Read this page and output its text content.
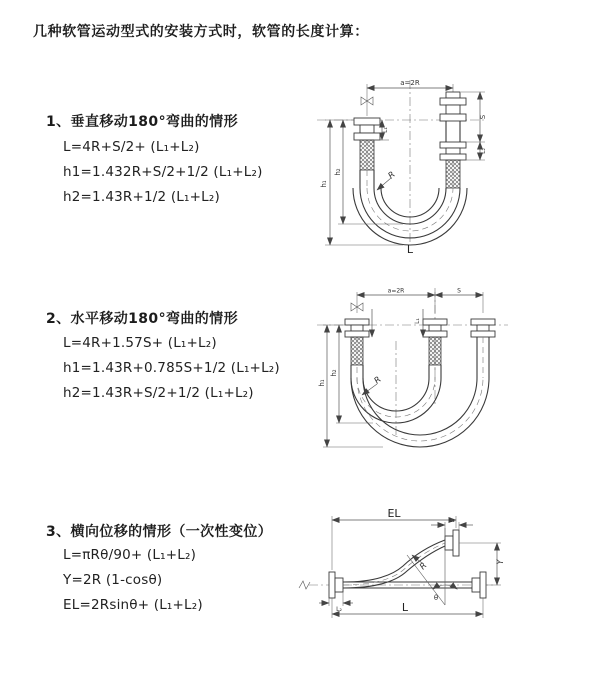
几种软管运动型式的安装方式时，软管的长度计算：
1、垂直移动180°弯曲的情形
L=4R+S/2+ (L₁+L₂)
h1=1.432R+S/2+1/2 (L₁+L₂)
h2=1.43R+1/2 (L₁+L₂)
a=2R
h₁
h₂
L₁
S
L₂
R
L
2、水平移动180°弯曲的情形
L=4R+1.57S+ (L₁+L₂)
h1=1.43R+0.785S+1/2 (L₁+L₂)
h2=1.43R+S/2+1/2 (L₁+L₂)
a=2R	S
h₁
h₂
L₁
R
3、横向位移的情形（一次性变位）
L=πRθ/90+ (L₁+L₂)
Y=2R (1-cosθ)
EL=2Rsinθ+ (L₁+L₂)
EL
L₁
Y
L
L₂
θ
R
